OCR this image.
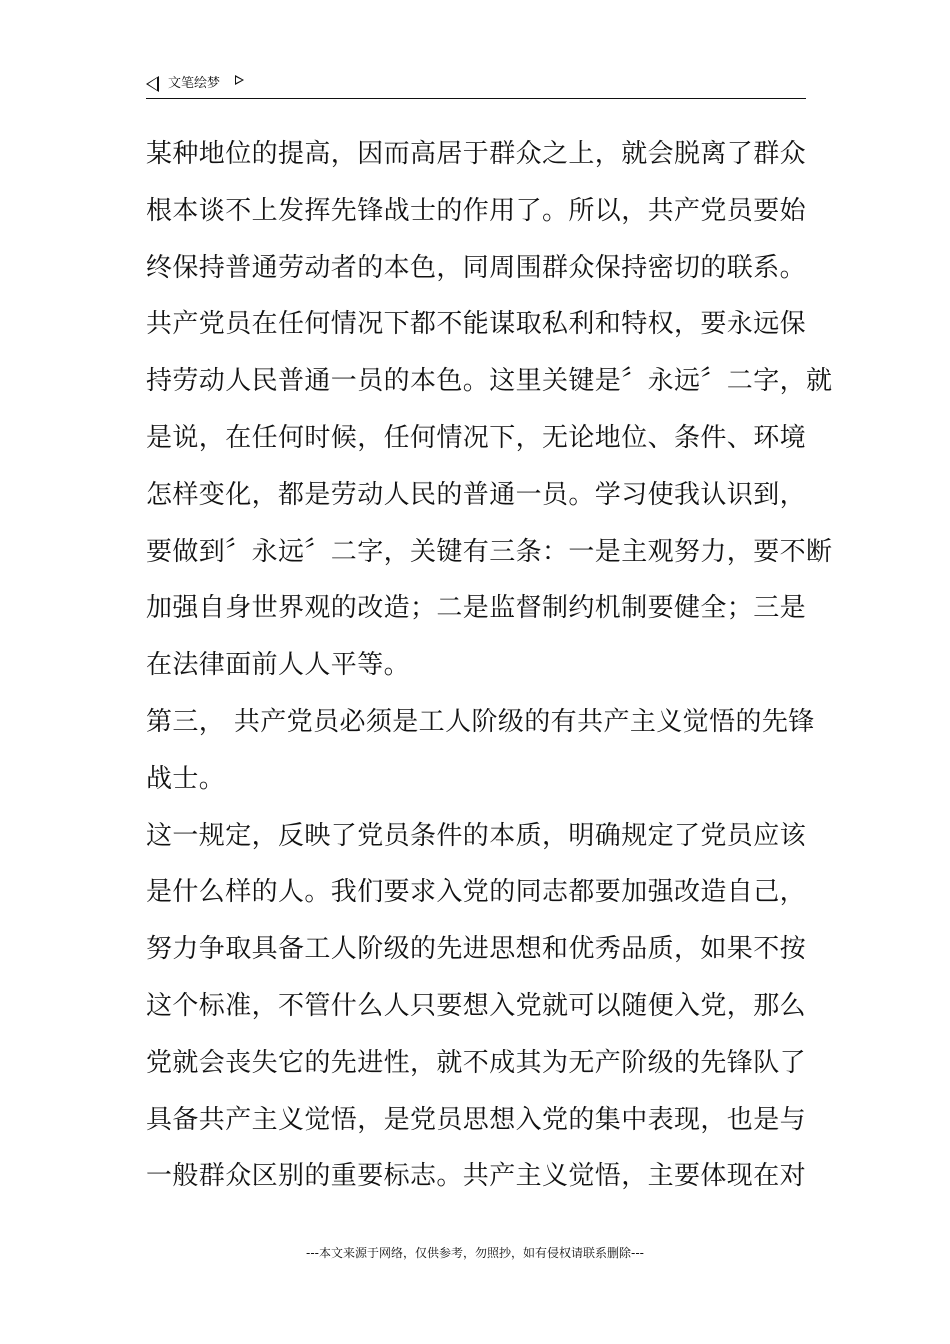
文笔绘梦
某种地位的提高，因而高居于群众之上，就会脱离了群众
根本谈不上发挥先锋战士的作用了。所以，共产党员要始
终保持普通劳动者的本色，同周围群众保持密切的联系。
共产党员在任何情况下都不能谋取私利和特权，要永远保
持劳动人民普通一员的本色。这里关键是〞永远〞二字，就
是说，在任何时候，任何情况下，无论地位、条件、环境
怎样变化，都是劳动人民的普通一员。学习使我认识到，
要做到〞永远〞二字，关键有三条：一是主观努力，要不断
加强自身世界观的改造；二是监督制约机制要健全；三是
在法律面前人人平等。
第三， 共产党员必须是工人阶级的有共产主义觉悟的先锋
战士。
这一规定，反映了党员条件的本质，明确规定了党员应该
是什么样的人。我们要求入党的同志都要加强改造自己，
努力争取具备工人阶级的先进思想和优秀品质，如果不按
这个标准，不管什么人只要想入党就可以随便入党，那么
党就会丧失它的先进性，就不成其为无产阶级的先锋队了
具备共产主义觉悟，是党员思想入党的集中表现，也是与
一般群众区别的重要标志。共产主义觉悟，主要体现在对
---本文来源于网络，仅供参考，勿照抄，如有侵权请联系删除---
